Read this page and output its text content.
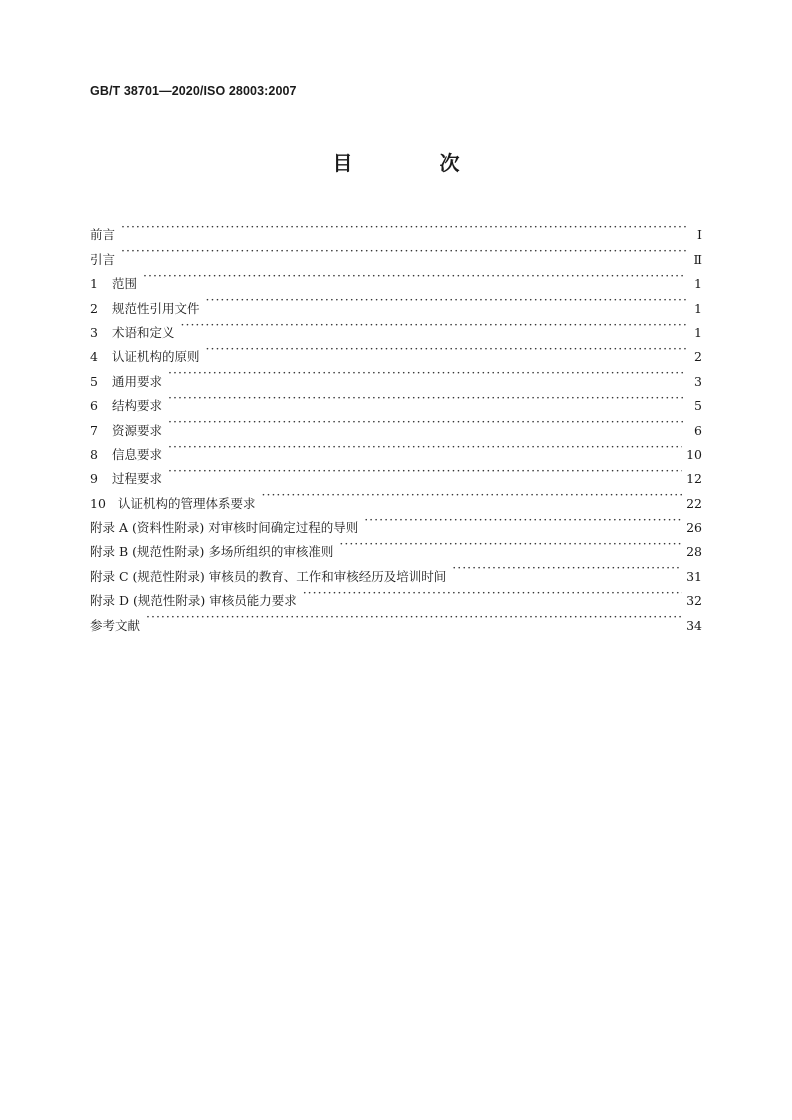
GB/T 38701—2020/ISO 28003:2007
目 次
前言 ·····	Ⅰ
引言 ·····	Ⅱ
1	范围 ·····	1
2	规范性引用文件 ·····	1
3	术语和定义 ·····	1
4	认证机构的原则 ·····	2
5	通用要求 ·····	3
6	结构要求 ·····	5
7	资源要求 ·····	6
8	信息要求 ·····	10
9	过程要求 ·····	12
10 认证机构的管理体系要求 ·····	22
附录 A (资料性附录) 对审核时间确定过程的导则 ·····	26
附录 B (规范性附录) 多场所组织的审核准则 ·····	28
附录 C (规范性附录) 审核员的教育、工作和审核经历及培训时间 ·····	31
附录 D (规范性附录) 审核员能力要求 ·····	32
参考文献 ·····	34
